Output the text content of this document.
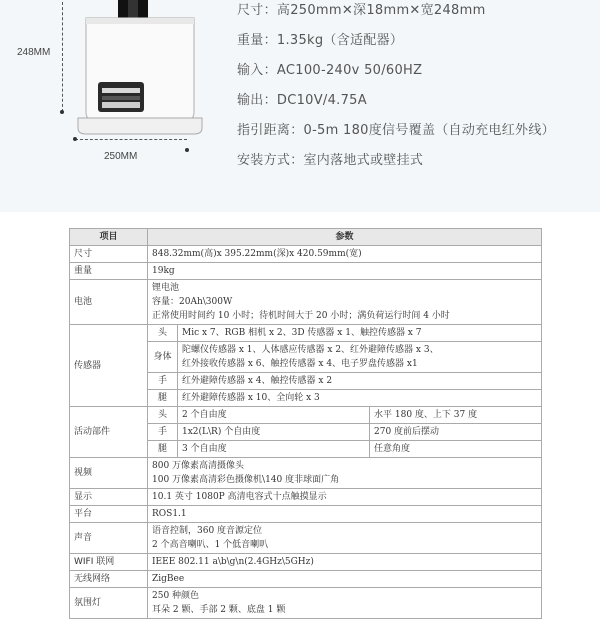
248MM
250MM
尺寸：高250mm✕深18mm✕宽248mm
重量：1.35kg（含适配器）
输入：AC100-240v 50/60HZ
输出：DC10V/4.75A
指引距离：0-5m 180度信号覆盖（自动充电红外线）
安装方式：室内落地式或壁挂式
项目	参数		
尺寸	848.32mm(高)x 395.22mm(深)x 420.59mm(宽)		
重量	19kg		
电池	锂电池
容量：20Ah\300W
正常使用时间约 10 小时；待机时间大于 20 小时；满负荷运行时间 4 小时		

传感器	头	Mic x 7、RGB 相机 x 2、3D 传感器 x 1、触控传感器 x 7	
	身体	陀螺仪传感器 x 1、人体感应传感器 x 2、红外避障传感器 x 3、
红外接收传感器 x 6、触控传感器 x 4、电子罗盘传感器 x1	

	手	红外避障传感器 x 4、触控传感器 x 2	
	腿	红外避障传感器 x 10、全向轮 x 3	
活动部件	头	2 个自由度	水平 180 度、上下 37 度
	手	1x2(L\R) 个自由度	270 度前后摆动
	腿	3 个自由度	任意角度
视频	800 万像素高清摄像头
100 万像素高清彩色摄像机\140 度非球面广角		

显示	10.1 英寸 1080P 高清电容式十点触摸显示		
平台	ROS1.1		
声音	语音控制，360 度音源定位
2 个高音喇叭、1 个低音喇叭		

WIFI 联网	IEEE 802.11 a\b\g\n(2.4GHz\5GHz)		
无线网络	ZigBee		
氛围灯	250 种颜色
耳朵 2 颗、手部 2 颗、底盘 1 颗		
